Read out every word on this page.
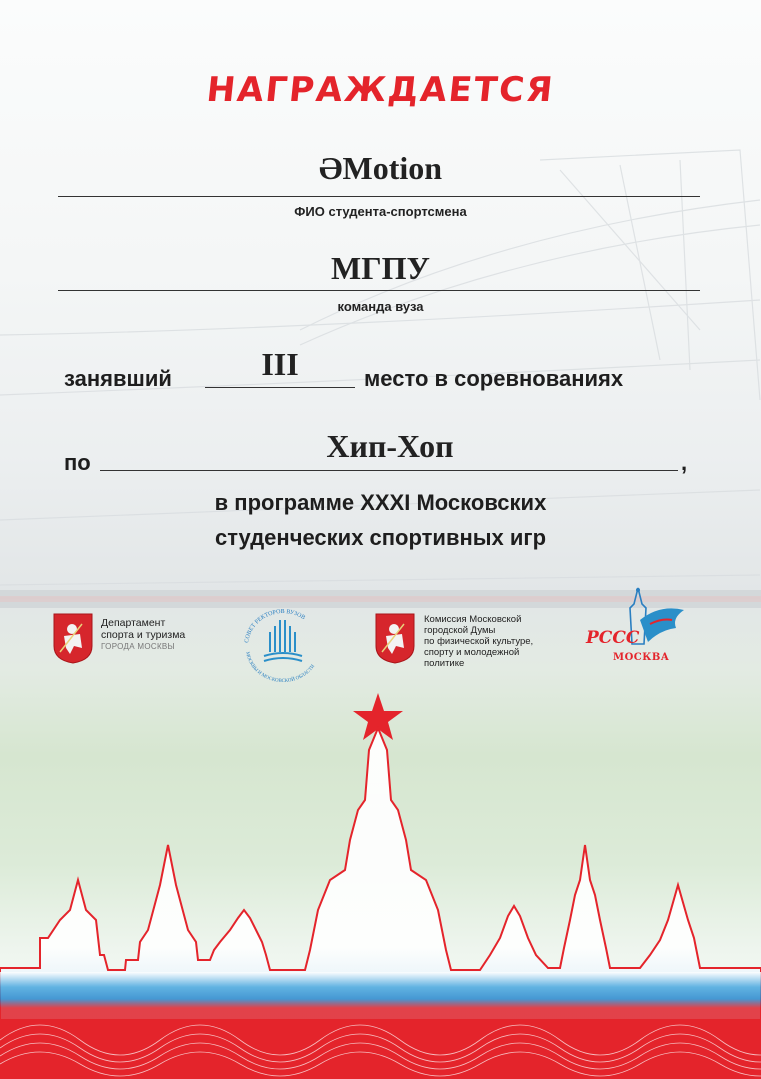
НАГРАЖДАЕТСЯ
ӘMotion
ФИО студента-спортсмена
МГПУ
команда вуза
занявший	III	место в соревнованиях
по	Хип-Хоп	,
в программе XXXI Московских
студенческих спортивных игр
Департамент
спорта и туризма
ГОРОДА МОСКВЫ
СОВЕТ РЕКТОРОВ ВУЗОВ
МОСКВЫ И МОСКОВСКОЙ ОБЛАСТИ
Комиссия Московской
городской Думы
по физической культуре,
спорту и молодежной
политике
РССС
МОСКВА
